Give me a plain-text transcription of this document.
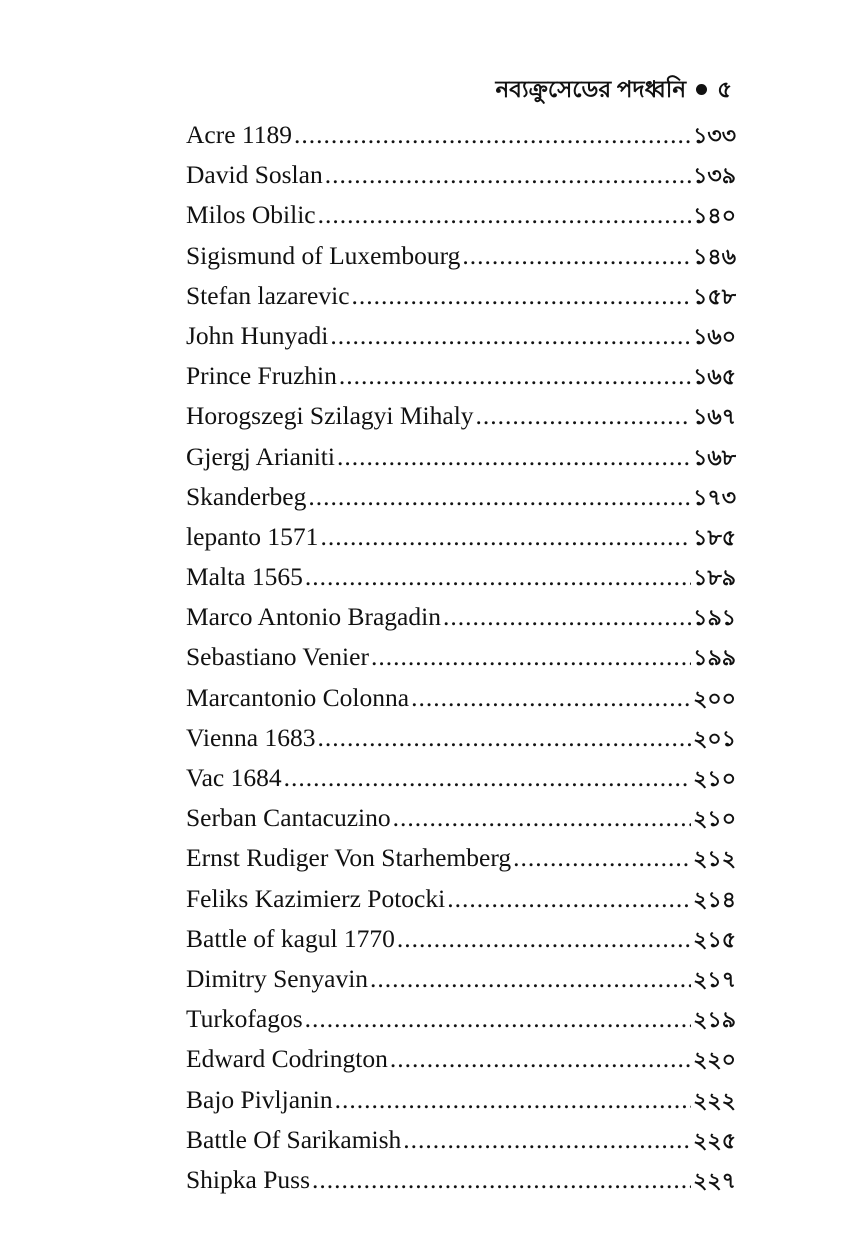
নব্যক্রুসেডের পদধ্বনি ৫
Acre 1189 .....	১৩৩
David Soslan .....	১৩৯
Milos Obilic .....	১৪০
Sigismund of Luxembourg .....	১৪৬
Stefan lazarevic .....	১৫৮
John Hunyadi .....	১৬০
Prince Fruzhin .....	১৬৫
Horogszegi Szilagyi Mihaly .....	১৬৭
Gjergj Arianiti .....	১৬৮
Skanderbeg .....	১৭৩
lepanto 1571 .....	১৮৫
Malta 1565 .....	১৮৯
Marco Antonio Bragadin .....	১৯১
Sebastiano Venier .....	১৯৯
Marcantonio Colonna .....	২০০
Vienna 1683 .....	২০১
Vac 1684 .....	২১০
Serban Cantacuzino .....	২১০
Ernst Rudiger Von Starhemberg .....	২১২
Feliks Kazimierz Potocki .....	২১৪
Battle of kagul 1770 .....	২১৫
Dimitry Senyavin .....	২১৭
Turkofagos .....	২১৯
Edward Codrington .....	২২০
Bajo Pivljanin .....	২২২
Battle Of Sarikamish .....	২২৫
Shipka Puss .....	২২৭
